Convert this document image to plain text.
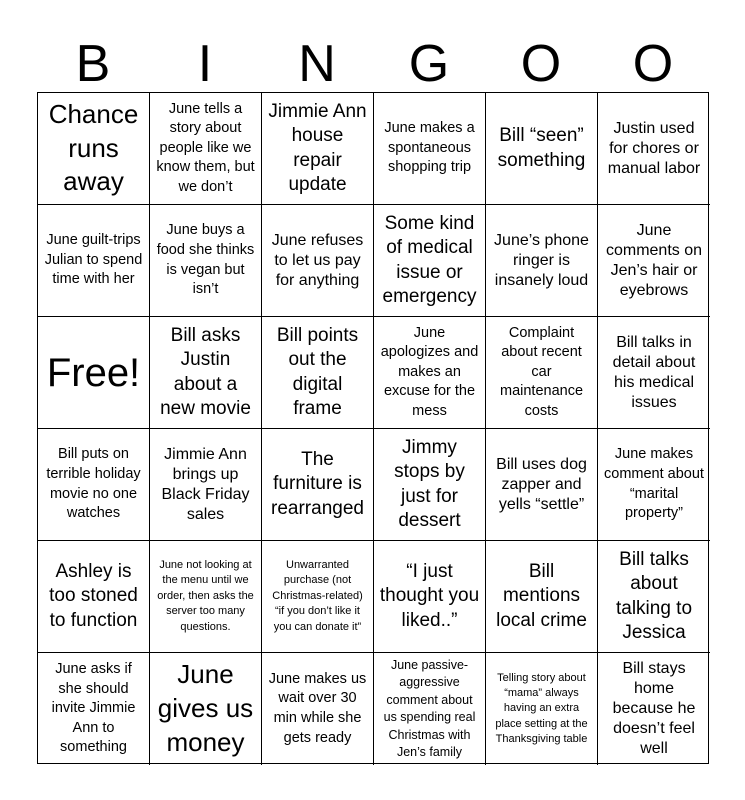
B	I	N	G	O	O
Chance runs away
June tells a story about people like we know them, but we don’t
Jimmie Ann house repair update
June makes a spontaneous shopping trip
Bill “seen” something
Justin used for chores or manual labor
June guilt-trips Julian to spend time with her
June buys a food she thinks is vegan but isn’t
June refuses to let us pay for anything
Some kind of medical issue or emergency
June’s phone ringer is insanely loud
June comments on Jen’s hair or eyebrows
Free!
Bill asks Justin about a new movie
Bill points out the digital frame
June apologizes and makes an excuse for the mess
Complaint about recent car maintenance costs
Bill talks in detail about his medical issues
Bill puts on terrible holiday movie no one watches
Jimmie Ann brings up Black Friday sales
The furniture is rearranged
Jimmy stops by just for dessert
Bill uses dog zapper and yells “settle”
June makes comment about “marital property”
Ashley is too stoned to function
June not looking at the menu until we order, then asks the server too many questions.
Unwarranted purchase (not Christmas-related) “if you don’t like it you can donate it”
“I just thought you liked..”
Bill mentions local crime
Bill talks about talking to Jessica
June asks if she should invite Jimmie Ann to something
June gives us money
June makes us wait over 30 min while she gets ready
June passive-aggressive comment about us spending real Christmas with Jen’s family
Telling story about “mama” always having an extra place setting at the Thanksgiving table
Bill stays home because he doesn’t feel well
